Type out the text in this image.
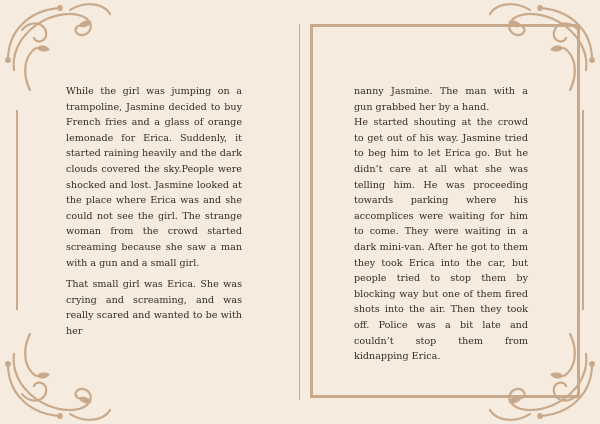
While the girl was jumping on a trampoline, Jasmine decided to buy French fries and a glass of orange lemonade for Erica. Suddenly, it started raining heavily and the dark clouds covered the sky.People were shocked and lost. Jasmine looked at the place where Erica was and she could not see the girl. The strange woman from the crowd started screaming because she saw a man with a gun and a small girl.

That small girl was Erica. She was crying and screaming, and was really scared and wanted to be with her

nanny Jasmine. The man with a gun grabbed her by a hand.

He started shouting at the crowd to get out of his way. Jasmine tried to beg him to let Erica go. But he didn’t care at all what she was telling him. He was proceeding towards parking where his accomplices were waiting for him to come. They were waiting in a dark mini-van. After he got to them they took Erica into the car, but people tried to stop them by blocking way but one of them fired shots into the air. Then they took off. Police was a bit late and couldn’t stop them from kidnapping Erica.
